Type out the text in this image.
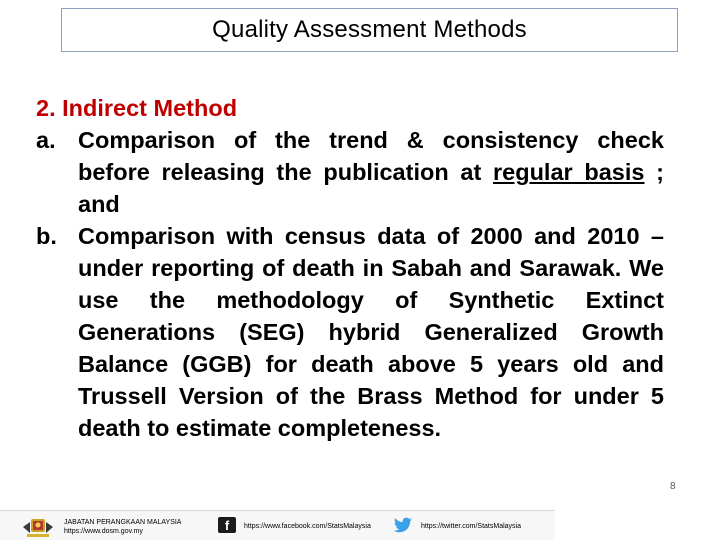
Quality Assessment Methods
2. Indirect Method
a. Comparison of the trend & consistency check before releasing the publication at regular basis ; and
b. Comparison with census data of 2000 and 2010 – under reporting of death in Sabah and Sarawak. We use the methodology of Synthetic Extinct Generations (SEG) hybrid Generalized Growth Balance (GGB) for death above 5 years old and Trussell Version of the Brass Method for under 5 death to estimate completeness.
8
JABATAN PERANGKAAN MALAYSIA
https://www.dosm.gov.my	f	https://www.facebook.com/StatsMalaysia	https://twitter.com/StatsMalaysia
